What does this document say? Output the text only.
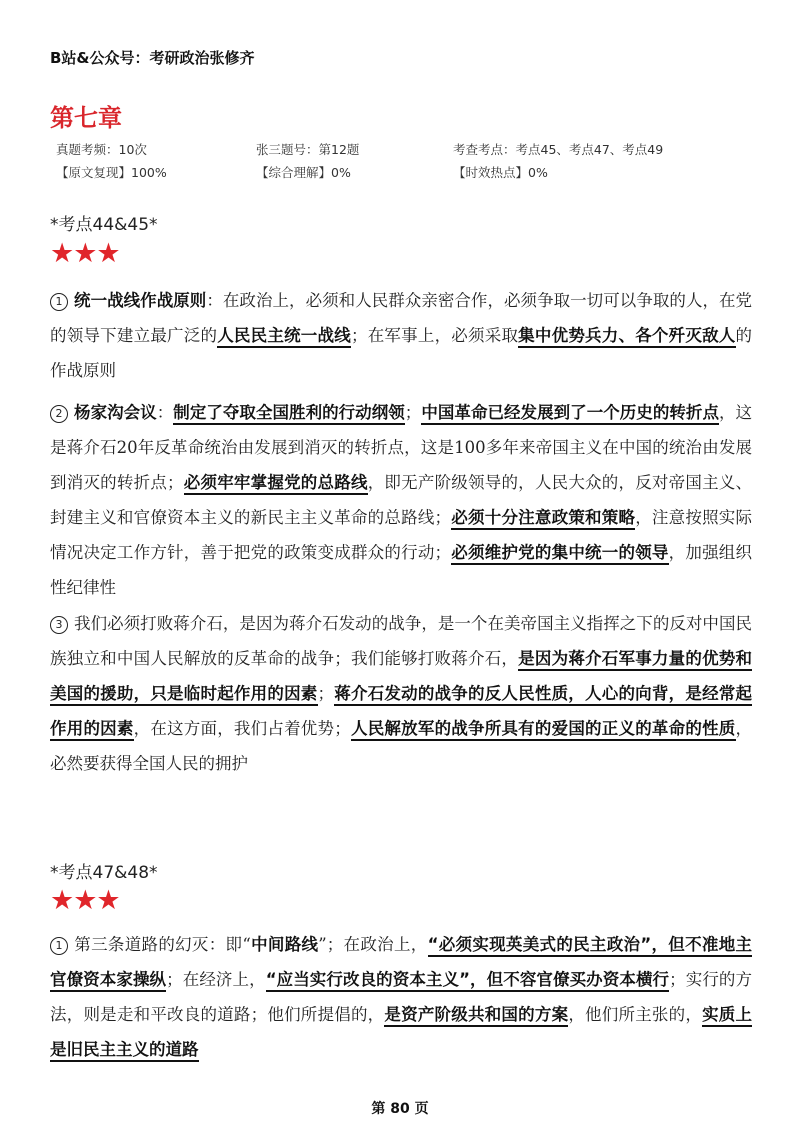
B站&公众号：考研政治张修齐
第七章
真题考频：10次	张三题号：第12题	考查考点：考点45、考点47、考点49
【原文复现】100%	【综合理解】0%	【时效热点】0%
*考点44&45*
★★★
1 统一战线作战原则：在政治上，必须和人民群众亲密合作，必须争取一切可以争取的人，在党的领导下建立最广泛的人民民主统一战线；在军事上，必须采取集中优势兵力、各个歼灭敌人的作战原则
2 杨家沟会议：制定了夺取全国胜利的行动纲领；中国革命已经发展到了一个历史的转折点，这是蒋介石20年反革命统治由发展到消灭的转折点，这是100多年来帝国主义在中国的统治由发展到消灭的转折点；必须牢牢掌握党的总路线，即无产阶级领导的，人民大众的，反对帝国主义、封建主义和官僚资本主义的新民主主义革命的总路线；必须十分注意政策和策略，注意按照实际情况决定工作方针，善于把党的政策变成群众的行动；必须维护党的集中统一的领导，加强组织性纪律性
3 我们必须打败蒋介石，是因为蒋介石发动的战争，是一个在美帝国主义指挥之下的反对中国民族独立和中国人民解放的反革命的战争；我们能够打败蒋介石，是因为蒋介石军事力量的优势和美国的援助，只是临时起作用的因素；蒋介石发动的战争的反人民性质，人心的向背，是经常起作用的因素，在这方面，我们占着优势；人民解放军的战争所具有的爱国的正义的革命的性质，必然要获得全国人民的拥护
*考点47&48*
★★★
1 第三条道路的幻灭：即“中间路线”；在政治上，“必须实现英美式的民主政治”，但不准地主官僚资本家操纵；在经济上，“应当实行改良的资本主义”，但不容官僚买办资本横行；实行的方法，则是走和平改良的道路；他们所提倡的，是资产阶级共和国的方案，他们所主张的，实质上是旧民主主义的道路
第 80 页
